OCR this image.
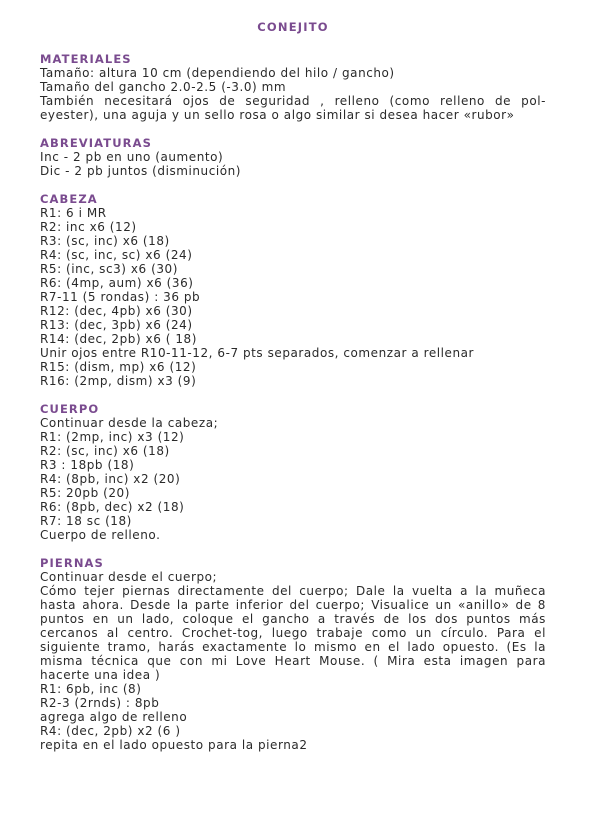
CONEJITO
MATERIALES

Tamaño: altura 10 cm (dependiendo del hilo / gancho)

Tamaño del gancho 2.0-2.5 (-3.0) mm

También necesitará ojos de seguridad , relleno (como relleno de pol-eyester), una aguja y un sello rosa o algo similar si desea hacer «rubor»

ABREVIATURAS

Inc - 2 pb en uno (aumento)

Dic - 2 pb juntos (disminución)

CABEZA

R1: 6 i MR

R2: inc x6 (12)

R3: (sc, inc) x6 (18)

R4: (sc, inc, sc) x6 (24)

R5: (inc, sc3) x6 (30)

R6: (4mp, aum) x6 (36)

R7-11 (5 rondas) : 36 pb

R12: (dec, 4pb) x6 (30)

R13: (dec, 3pb) x6 (24)

R14: (dec, 2pb) x6 ( 18)

Unir ojos entre R10-11-12, 6-7 pts separados, comenzar a rellenar

R15: (dism, mp) x6 (12)

R16: (2mp, dism) x3 (9)

CUERPO

Continuar desde la cabeza;

R1: (2mp, inc) x3 (12)

R2: (sc, inc) x6 (18)

R3 : 18pb (18)

R4: (8pb, inc) x2 (20)

R5: 20pb (20)

R6: (8pb, dec) x2 (18)

R7: 18 sc (18)

Cuerpo de relleno.

PIERNAS

Continuar desde el cuerpo;

Cómo tejer piernas directamente del cuerpo; Dale la vuelta a la muñeca hasta ahora. Desde la parte inferior del cuerpo; Visualice un «anillo» de 8 puntos en un lado, coloque el gancho a través de los dos puntos más cercanos al centro. Crochet-tog, luego trabaje como un círculo. Para el siguiente tramo, harás exactamente lo mismo en el lado opuesto. (Es la misma técnica que con mi Love Heart Mouse. ( Mira esta imagen para hacerte una idea )

R1: 6pb, inc (8)

R2-3 (2rnds) : 8pb

agrega algo de relleno

R4: (dec, 2pb) x2 (6 )

repita en el lado opuesto para la pierna2
